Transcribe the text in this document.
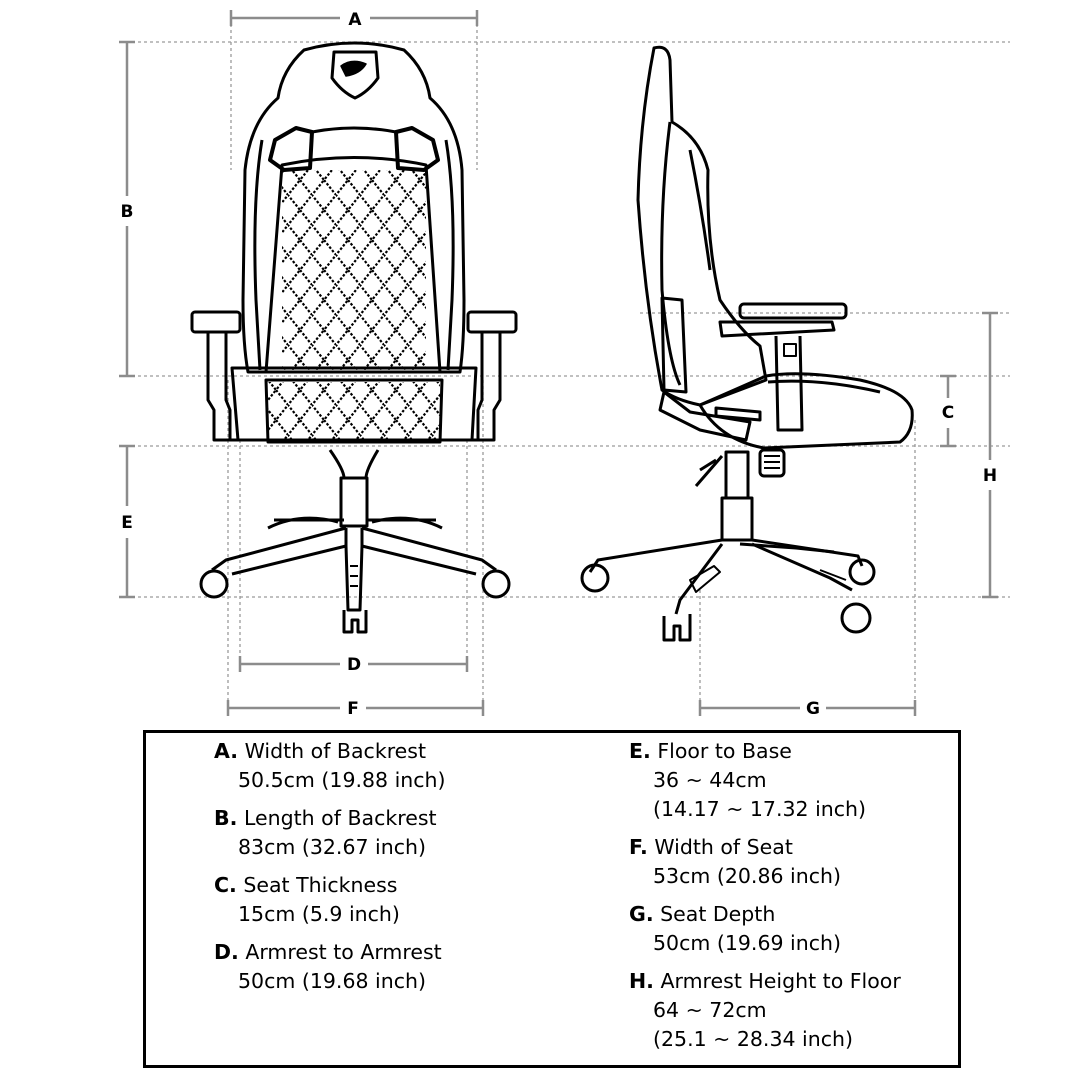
A
B
E
D
F
C
H
G
A. Width of Backrest
50.5cm (19.88 inch)
B. Length of Backrest
83cm (32.67 inch)
C. Seat Thickness
15cm (5.9 inch)
D. Armrest to Armrest
50cm (19.68 inch)
E. Floor to Base
36 ~ 44cm
(14.17 ~ 17.32 inch)
F. Width of Seat
53cm (20.86 inch)
G. Seat Depth
50cm (19.69 inch)
H. Armrest Height to Floor
64 ~ 72cm
(25.1 ~ 28.34 inch)
